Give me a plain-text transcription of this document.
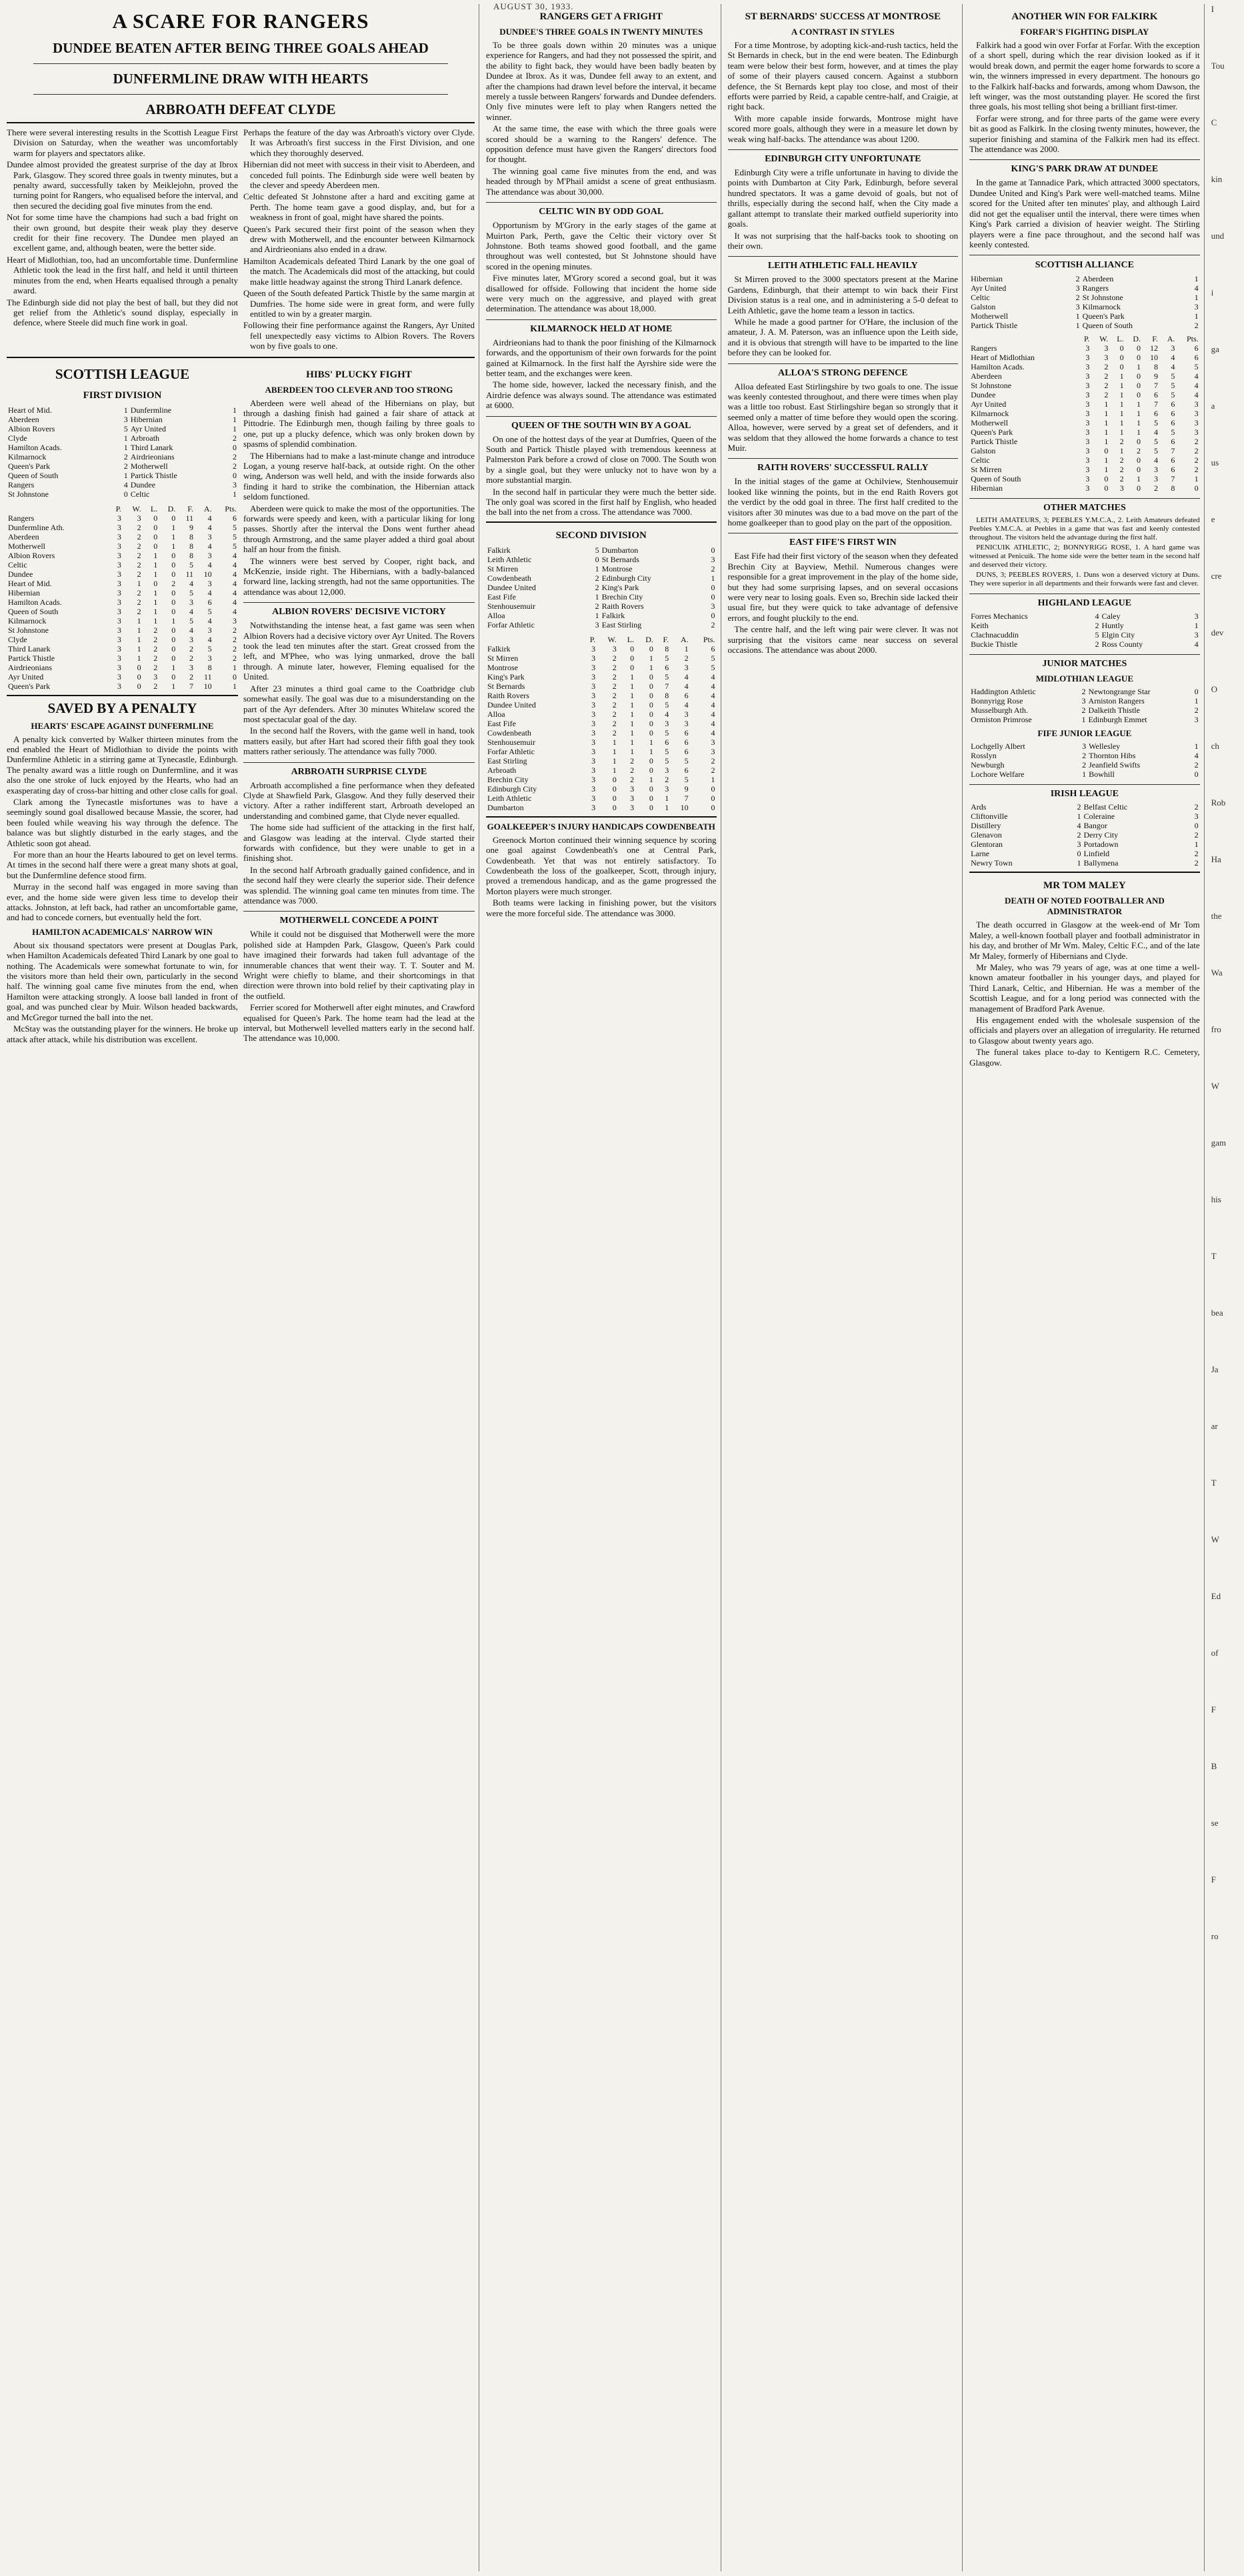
AUGUST 30, 1933.
A SCARE FOR RANGERS
DUNDEE BEATEN AFTER BEING THREE GOALS AHEAD
DUNFERMLINE DRAW WITH HEARTS
ARBROATH DEFEAT CLYDE

There were several interesting results in the Scottish League First Division on Saturday, when the weather was uncomfortably warm for players and spectators alike.

Dundee almost provided the greatest surprise of the day at Ibrox Park, Glasgow. They scored three goals in twenty minutes, but a penalty award, successfully taken by Meiklejohn, proved the turning point for Rangers, who equalised before the interval, and then secured the deciding goal five minutes from the end.

Not for some time have the champions had such a bad fright on their own ground, but despite their weak play they deserve credit for their fine recovery. The Dundee men played an excellent game, and, although beaten, were the better side.

Heart of Midlothian, too, had an uncomfortable time. Dunfermline Athletic took the lead in the first half, and held it until thirteen minutes from the end, when Hearts equalised through a penalty award.

The Edinburgh side did not play the best of ball, but they did not get relief from the Athletic's sound display, especially in defence, where Steele did much fine work in goal.

Perhaps the feature of the day was Arbroath's victory over Clyde. It was Arbroath's first success in the First Division, and one which they thoroughly deserved.

Hibernian did not meet with success in their visit to Aberdeen, and conceded full points. The Edinburgh side were well beaten by the clever and speedy Aberdeen men.

Celtic defeated St Johnstone after a hard and exciting game at Perth. The home team gave a good display, and, but for a weakness in front of goal, might have shared the points.

Queen's Park secured their first point of the season when they drew with Motherwell, and the encounter between Kilmarnock and Airdrieonians also ended in a draw.

Hamilton Academicals defeated Third Lanark by the one goal of the match. The Academicals did most of the attacking, but could make little headway against the strong Third Lanark defence.

Queen of the South defeated Partick Thistle by the same margin at Dumfries. The home side were in great form, and were fully entitled to win by a greater margin.

Following their fine performance against the Rangers, Ayr United fell unexpectedly easy victims to Albion Rovers. The Rovers won by five goals to one.

SCOTTISH LEAGUE
FIRST DIVISION
Heart of Mid.	1	Dunfermline	1
Aberdeen	3	Hibernian	1
Albion Rovers	5	Ayr United	1
Clyde	1	Arbroath	2
Hamilton Acads.	1	Third Lanark	0
Kilmarnock	2	Airdrieonians	2
Queen's Park	2	Motherwell	2
Queen of South	1	Partick Thistle	0
Rangers	4	Dundee	3
St Johnstone	0	Celtic	1
	P.	W.	L.	D.	F.	A.	Pts.
Rangers	3	3	0	0	11	4	6
Dunfermline Ath.	3	2	0	1	9	4	5
Aberdeen	3	2	0	1	8	3	5
Motherwell	3	2	0	1	8	4	5
Albion Rovers	3	2	1	0	8	3	4
Celtic	3	2	1	0	5	4	4
Dundee	3	2	1	0	11	10	4
Heart of Mid.	3	1	0	2	4	3	4
Hibernian	3	2	1	0	5	4	4
Hamilton Acads.	3	2	1	0	3	6	4
Queen of South	3	2	1	0	4	5	4
Kilmarnock	3	1	1	1	5	4	3
St Johnstone	3	1	2	0	4	3	2
Clyde	3	1	2	0	3	4	2
Third Lanark	3	1	2	0	2	5	2
Partick Thistle	3	1	2	0	2	3	2
Airdrieonians	3	0	2	1	3	8	1
Ayr United	3	0	3	0	2	11	0
Queen's Park	3	0	2	1	7	10	1
SAVED BY A PENALTY
HEARTS' ESCAPE AGAINST DUNFERMLINE

A penalty kick converted by Walker thirteen minutes from the end enabled the Heart of Midlothian to divide the points with Dunfermline Athletic in a stirring game at Tynecastle, Edinburgh. The penalty award was a little rough on Dunfermline, and it was also the one stroke of luck enjoyed by the Hearts, who had an exasperating day of cross-bar hitting and other close calls for goal.

Clark among the Tynecastle misfortunes was to have a seemingly sound goal disallowed because Massie, the scorer, had been fouled while weaving his way through the defence. The balance was but slightly disturbed in the early stages, and the Athletic soon got ahead.

For more than an hour the Hearts laboured to get on level terms. At times in the second half there were a great many shots at goal, but the Dunfermline defence stood firm.

Murray in the second half was engaged in more saving than ever, and the home side were given less time to develop their attacks. Johnston, at left back, had rather an uncomfortable game, and had to concede corners, but eventually held the fort.

HAMILTON ACADEMICALS' NARROW WIN

About six thousand spectators were present at Douglas Park, when Hamilton Academicals defeated Third Lanark by one goal to nothing. The Academicals were somewhat fortunate to win, for the visitors more than held their own, particularly in the second half. The winning goal came five minutes from the end, when Hamilton were attacking strongly. A loose ball landed in front of goal, and was punched clear by Muir. Wilson headed backwards, and McGregor turned the ball into the net.

McStay was the outstanding player for the winners. He broke up attack after attack, while his distribution was excellent.

HIBS' PLUCKY FIGHT
ABERDEEN TOO CLEVER AND TOO STRONG

Aberdeen were well ahead of the Hibernians on play, but through a dashing finish had gained a fair share of attack at Pittodrie. The Edinburgh men, though failing by three goals to one, put up a plucky defence, which was only broken down by spasms of splendid combination.

The Hibernians had to make a last-minute change and introduce Logan, a young reserve half-back, at outside right. On the other wing, Anderson was well held, and with the inside forwards also finding it hard to strike the combination, the Hibernian attack seldom functioned.

Aberdeen were quick to make the most of the opportunities. The forwards were speedy and keen, with a particular liking for long passes. Shortly after the interval the Dons went further ahead through Armstrong, and the same player added a third goal about half an hour from the finish.

The winners were best served by Cooper, right back, and McKenzie, inside right. The Hibernians, with a badly-balanced forward line, lacking strength, had not the same opportunities. The attendance was about 12,000.

ALBION ROVERS' DECISIVE VICTORY

Notwithstanding the intense heat, a fast game was seen when Albion Rovers had a decisive victory over Ayr United. The Rovers took the lead ten minutes after the start. Great crossed from the left, and M'Phee, who was lying unmarked, drove the ball through. A minute later, however, Fleming equalised for the United.

After 23 minutes a third goal came to the Coatbridge club somewhat easily. The goal was due to a misunderstanding on the part of the Ayr defenders. After 30 minutes Whitelaw scored the most spectacular goal of the day.

In the second half the Rovers, with the game well in hand, took matters easily, but after Hart had scored their fifth goal they took matters rather seriously. The attendance was fully 7000.

ARBROATH SURPRISE CLYDE

Arbroath accomplished a fine performance when they defeated Clyde at Shawfield Park, Glasgow. And they fully deserved their victory. After a rather indifferent start, Arbroath developed an understanding and combined game, that Clyde never equalled.

The home side had sufficient of the attacking in the first half, and Glasgow was leading at the interval. Clyde started their forwards with confidence, but they were unable to get in a finishing shot.

In the second half Arbroath gradually gained confidence, and in the second half they were clearly the superior side. Their defence was splendid. The winning goal came ten minutes from time. The attendance was 7000.

MOTHERWELL CONCEDE A POINT

While it could not be disguised that Motherwell were the more polished side at Hampden Park, Glasgow, Queen's Park could have imagined their forwards had taken full advantage of the innumerable chances that went their way. T. T. Souter and M. Wright were chiefly to blame, and their shortcomings in that direction were thrown into bold relief by their captivating play in the outfield.

Ferrier scored for Motherwell after eight minutes, and Crawford equalised for Queen's Park. The home team had the lead at the interval, but Motherwell levelled matters early in the second half. The attendance was 10,000.

RANGERS GET A FRIGHT
DUNDEE'S THREE GOALS IN TWENTY MINUTES

To be three goals down within 20 minutes was a unique experience for Rangers, and had they not possessed the spirit, and the ability to fight back, they would have been badly beaten by Dundee at Ibrox. As it was, Dundee fell away to an extent, and after the champions had drawn level before the interval, it became merely a tussle between Rangers' forwards and Dundee defenders. Only five minutes were left to play when Rangers netted the winner.

At the same time, the ease with which the three goals were scored should be a warning to the Rangers' defence. The opposition defence must have given the Rangers' directors food for thought.

The winning goal came five minutes from the end, and was headed through by M'Phail amidst a scene of great enthusiasm. The attendance was about 30,000.

CELTIC WIN BY ODD GOAL

Opportunism by M'Grory in the early stages of the game at Muirton Park, Perth, gave the Celtic their victory over St Johnstone. Both teams showed good football, and the game throughout was well contested, but St Johnstone should have scored in the opening minutes.

Five minutes later, M'Grory scored a second goal, but it was disallowed for offside. Following that incident the home side were very much on the aggressive, and played with great determination. The attendance was about 18,000.

KILMARNOCK HELD AT HOME

Airdrieonians had to thank the poor finishing of the Kilmarnock forwards, and the opportunism of their own forwards for the point gained at Kilmarnock. In the first half the Ayrshire side were the better team, and the exchanges were keen.

The home side, however, lacked the necessary finish, and the Airdrie defence was always sound. The attendance was estimated at 6000.

QUEEN OF THE SOUTH WIN BY A GOAL

On one of the hottest days of the year at Dumfries, Queen of the South and Partick Thistle played with tremendous keenness at Palmerston Park before a crowd of close on 7000. The South won by a single goal, but they were unlucky not to have won by a more substantial margin.

In the second half in particular they were much the better side. The only goal was scored in the first half by English, who headed the ball into the net from a cross. The attendance was 7000.

SECOND DIVISION
Falkirk	5	Dumbarton	0
Leith Athletic	0	St Bernards	3
St Mirren	1	Montrose	2
Cowdenbeath	2	Edinburgh City	1
Dundee United	2	King's Park	0
East Fife	1	Brechin City	0
Stenhousemuir	2	Raith Rovers	3
Alloa	1	Falkirk	0
Forfar Athletic	3	East Stirling	2
	P.	W.	L.	D.	F.	A.	Pts.
Falkirk	3	3	0	0	8	1	6
St Mirren	3	2	0	1	5	2	5
Montrose	3	2	0	1	6	3	5
King's Park	3	2	1	0	5	4	4
St Bernards	3	2	1	0	7	4	4
Raith Rovers	3	2	1	0	8	6	4
Dundee United	3	2	1	0	5	4	4
Alloa	3	2	1	0	4	3	4
East Fife	3	2	1	0	3	3	4
Cowdenbeath	3	2	1	0	5	6	4
Stenhousemuir	3	1	1	1	6	6	3
Forfar Athletic	3	1	1	1	5	6	3
East Stirling	3	1	2	0	5	5	2
Arbroath	3	1	2	0	3	6	2
Brechin City	3	0	2	1	2	5	1
Edinburgh City	3	0	3	0	3	9	0
Leith Athletic	3	0	3	0	1	7	0
Dumbarton	3	0	3	0	1	10	0
GOALKEEPER'S INJURY HANDICAPS COWDENBEATH

Greenock Morton continued their winning sequence by scoring one goal against Cowdenbeath's one at Central Park, Cowdenbeath. Yet that was not entirely satisfactory. To Cowdenbeath the loss of the goalkeeper, Scott, through injury, proved a tremendous handicap, and as the game progressed the Morton players were much stronger.

Both teams were lacking in finishing power, but the visitors were the more forceful side. The attendance was 3000.

ST BERNARDS' SUCCESS AT MONTROSE
A CONTRAST IN STYLES

For a time Montrose, by adopting kick-and-rush tactics, held the St Bernards in check, but in the end were beaten. The Edinburgh team were below their best form, however, and at times the play of some of their players caused concern. Against a stubborn defence, the St Bernards kept play too close, and most of their efforts were parried by Reid, a capable centre-half, and Craigie, at right back.

With more capable inside forwards, Montrose might have scored more goals, although they were in a measure let down by weak wing half-backs. The attendance was about 1200.

EDINBURGH CITY UNFORTUNATE

Edinburgh City were a trifle unfortunate in having to divide the points with Dumbarton at City Park, Edinburgh, before several hundred spectators. It was a game devoid of goals, but not of thrills, especially during the second half, when the City made a gallant attempt to translate their marked outfield superiority into goals.

It was not surprising that the half-backs took to shooting on their own.

LEITH ATHLETIC FALL HEAVILY

St Mirren proved to the 3000 spectators present at the Marine Gardens, Edinburgh, that their attempt to win back their First Division status is a real one, and in administering a 5-0 defeat to Leith Athletic, gave the home team a lesson in tactics.

While he made a good partner for O'Hare, the inclusion of the amateur, J. A. M. Paterson, was an influence upon the Leith side, and it is obvious that strength will have to be imparted to the line before they can be looked for.

ALLOA'S STRONG DEFENCE

Alloa defeated East Stirlingshire by two goals to one. The issue was keenly contested throughout, and there were times when play was a little too robust. East Stirlingshire began so strongly that it seemed only a matter of time before they would open the scoring. Alloa, however, were served by a great set of defenders, and it was seldom that they allowed the home forwards a chance to test Muir.

RAITH ROVERS' SUCCESSFUL RALLY

In the initial stages of the game at Ochilview, Stenhousemuir looked like winning the points, but in the end Raith Rovers got the verdict by the odd goal in three. The first half credited to the visitors after 30 minutes was due to a bad move on the part of the home goalkeeper than to good play on the part of the opposition.

EAST FIFE'S FIRST WIN

East Fife had their first victory of the season when they defeated Brechin City at Bayview, Methil. Numerous changes were responsible for a great improvement in the play of the home side, but they had some surprising lapses, and on several occasions were very near to losing goals. Even so, Brechin side lacked their usual fire, but they were quick to take advantage of defensive errors, and fought pluckily to the end.

The centre half, and the left wing pair were clever. It was not surprising that the visitors came near success on several occasions. The attendance was about 2000.

ANOTHER WIN FOR FALKIRK
FORFAR'S FIGHTING DISPLAY

Falkirk had a good win over Forfar at Forfar. With the exception of a short spell, during which the rear division looked as if it would break down, and permit the eager home forwards to score a win, the winners impressed in every department. The honours go to the Falkirk half-backs and forwards, among whom Dawson, the left winger, was the most outstanding player. He scored the first three goals, his most telling shot being a brilliant first-timer.

Forfar were strong, and for three parts of the game were every bit as good as Falkirk. In the closing twenty minutes, however, the superior finishing and stamina of the Falkirk men had its effect. The attendance was 2000.

KING'S PARK DRAW AT DUNDEE

In the game at Tannadice Park, which attracted 3000 spectators, Dundee United and King's Park were well-matched teams. Milne scored for the United after ten minutes' play, and although Laird did not get the equaliser until the interval, there were times when King's Park carried a division of heavier weight. The Stirling players were a fine pace throughout, and the second half was keenly contested.

SCOTTISH ALLIANCE
Hibernian	2	Aberdeen	1
Ayr United	3	Rangers	4
Celtic	2	St Johnstone	1
Galston	3	Kilmarnock	3
Motherwell	1	Queen's Park	1
Partick Thistle	1	Queen of South	2
	P.	W.	L.	D.	F.	A.	Pts.
Rangers	3	3	0	0	12	3	6
Heart of Midlothian	3	3	0	0	10	4	6
Hamilton Acads.	3	2	0	1	8	4	5
Aberdeen	3	2	1	0	9	5	4
St Johnstone	3	2	1	0	7	5	4
Dundee	3	2	1	0	6	5	4
Ayr United	3	1	1	1	7	6	3
Kilmarnock	3	1	1	1	6	6	3
Motherwell	3	1	1	1	5	6	3
Queen's Park	3	1	1	1	4	5	3
Partick Thistle	3	1	2	0	5	6	2
Galston	3	0	1	2	5	7	2
Celtic	3	1	2	0	4	6	2
St Mirren	3	1	2	0	3	6	2
Queen of South	3	0	2	1	3	7	1
Hibernian	3	0	3	0	2	8	0
OTHER MATCHES

LEITH AMATEURS, 3; PEEBLES Y.M.C.A., 2. Leith Amateurs defeated Peebles Y.M.C.A. at Peebles in a game that was fast and keenly contested throughout. The visitors held the advantage during the first half.

PENICUIK ATHLETIC, 2; BONNYRIGG ROSE, 1. A hard game was witnessed at Penicuik. The home side were the better team in the second half and deserved their victory.

DUNS, 3; PEEBLES ROVERS, 1. Duns won a deserved victory at Duns. They were superior in all departments and their forwards were fast and clever.

HIGHLAND LEAGUE
Forres Mechanics	4	Caley	3
Keith	2	Huntly	1
Clachnacuddin	5	Elgin City	3
Buckie Thistle	2	Ross County	4
JUNIOR MATCHES
MIDLOTHIAN LEAGUE
Haddington Athletic	2	Newtongrange Star	0
Bonnyrigg Rose	3	Arniston Rangers	1
Musselburgh Ath.	2	Dalkeith Thistle	2
Ormiston Primrose	1	Edinburgh Emmet	3
FIFE JUNIOR LEAGUE
Lochgelly Albert	3	Wellesley	1
Rosslyn	2	Thornton Hibs	4
Newburgh	2	Jeanfield Swifts	2
Lochore Welfare	1	Bowhill	0
IRISH LEAGUE
Ards	2	Belfast Celtic	2
Cliftonville	1	Coleraine	3
Distillery	4	Bangor	0
Glenavon	2	Derry City	2
Glentoran	3	Portadown	1
Larne	0	Linfield	2
Newry Town	1	Ballymena	2
MR TOM MALEY
DEATH OF NOTED FOOTBALLER AND ADMINISTRATOR

The death occurred in Glasgow at the week-end of Mr Tom Maley, a well-known football player and football administrator in his day, and brother of Mr Wm. Maley, Celtic F.C., and of the late Mr Maley, formerly of Hibernians and Clyde.

Mr Maley, who was 79 years of age, was at one time a well-known amateur footballer in his younger days, and played for Third Lanark, Celtic, and Hibernian. He was a member of the Scottish League, and for a long period was connected with the management of Bradford Park Avenue.

His engagement ended with the wholesale suspension of the officials and players over an allegation of irregularity. He returned to Glasgow about twenty years ago.

The funeral takes place to-day to Kentigern R.C. Cemetery, Glasgow.

I
Tou
C
kin
und
i
ga
a
us
e
cre
dev
O
ch
Rob
Ha
the
Wa
fro
W
gam
his
T
bea
Ja
ar
T
W
Ed
of
F
B
se
F
ro
